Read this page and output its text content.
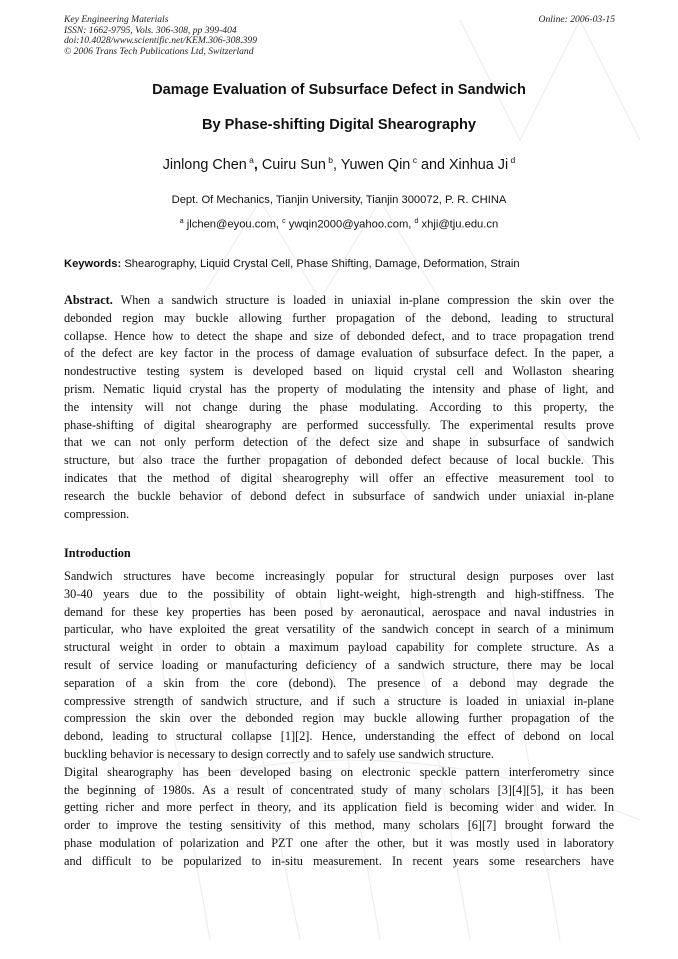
Key Engineering Materials
ISSN: 1662-9795, Vols. 306-308, pp 399-404
doi:10.4028/www.scientific.net/KEM.306-308.399
© 2006 Trans Tech Publications Ltd, Switzerland
Online: 2006-03-15
Damage Evaluation of Subsurface Defect in Sandwich
By Phase-shifting Digital Shearography
Jinlong Chen $^a$, Cuiru Sun $^b$, Yuwen Qin $^c$ and Xinhua Ji $^d$
Dept. Of Mechanics, Tianjin University, Tianjin 300072, P. R. CHINA
$^a$ jlchen@eyou.com, $^c$ ywqin2000@yahoo.com, $^d$ xhji@tju.edu.cn
Keywords: Shearography, Liquid Crystal Cell, Phase Shifting, Damage, Deformation, Strain
Abstract. When a sandwich structure is loaded in uniaxial in-plane compression the skin over the
debonded region may buckle allowing further propagation of the debond, leading to structural
collapse. Hence how to detect the shape and size of debonded defect, and to trace propagation trend
of the defect are key factor in the process of damage evaluation of subsurface defect. In the paper, a
nondestructive testing system is developed based on liquid crystal cell and Wollaston shearing
prism. Nematic liquid crystal has the property of modulating the intensity and phase of light, and
the intensity will not change during the phase modulating. According to this property, the
phase-shifting of digital shearography are performed successfully. The experimental results prove
that we can not only perform detection of the defect size and shape in subsurface of sandwich
structure, but also trace the further propagation of debonded defect because of local buckle. This
indicates that the method of digital shearogrephy will offer an effective measurement tool to
research the buckle behavior of debond defect in subsurface of sandwich under uniaxial in-plane
compression.
Introduction
Sandwich structures have become increasingly popular for structural design purposes over last
30-40 years due to the possibility of obtain light-weight, high-strength and high-stiffness. The
demand for these key properties has been posed by aeronautical, aerospace and naval industries in
particular, who have exploited the great versatility of the sandwich concept in search of a minimum
structural weight in order to obtain a maximum payload capability for complete structure. As a
result of service loading or manufacturing deficiency of a sandwich structure, there may be local
separation of a skin from the core (debond). The presence of a debond may degrade the
compressive strength of sandwich structure, and if such a structure is loaded in uniaxial in-plane
compression the skin over the debonded region may buckle allowing further propagation of the
debond, leading to structural collapse [1][2]. Hence, understanding the effect of debond on local
buckling behavior is necessary to design correctly and to safely use sandwich structure.
Digital shearography has been developed basing on electronic speckle pattern interferometry since
the beginning of 1980s. As a result of concentrated study of many scholars [3][4][5], it has been
getting richer and more perfect in theory, and its application field is becoming wider and wider. In
order to improve the testing sensitivity of this method, many scholars [6][7] brought forward the
phase modulation of polarization and PZT one after the other, but it was mostly used in laboratory
and difficult to be popularized to in-situ measurement. In recent years some researchers have
